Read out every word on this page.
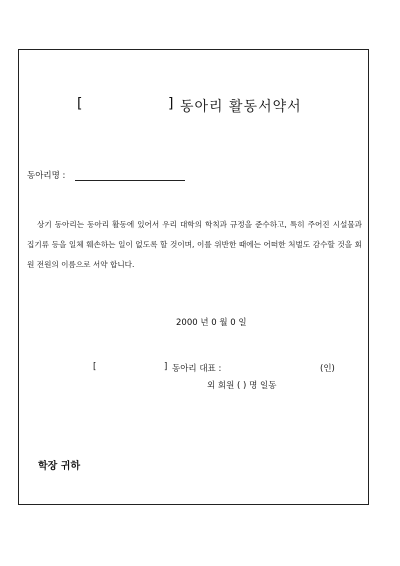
[	] 동아리 활동서약서
동아리명 :
상기 동아리는 동아리 활동에 있어서 우리 대학의 학칙과 규정을 준수하고, 특히 주어진 시설물과 집기류 등을 일체 훼손하는 일이 없도록 할 것이며, 이를 위반한 때에는 어떠한 처벌도 감수할 것을 회원 전원의 이름으로 서약 합니다.
2000 년 0 월 0 일
[	] 동아리 대표 :	(인)
외 회원 ( ) 명 일동
학장 귀하
